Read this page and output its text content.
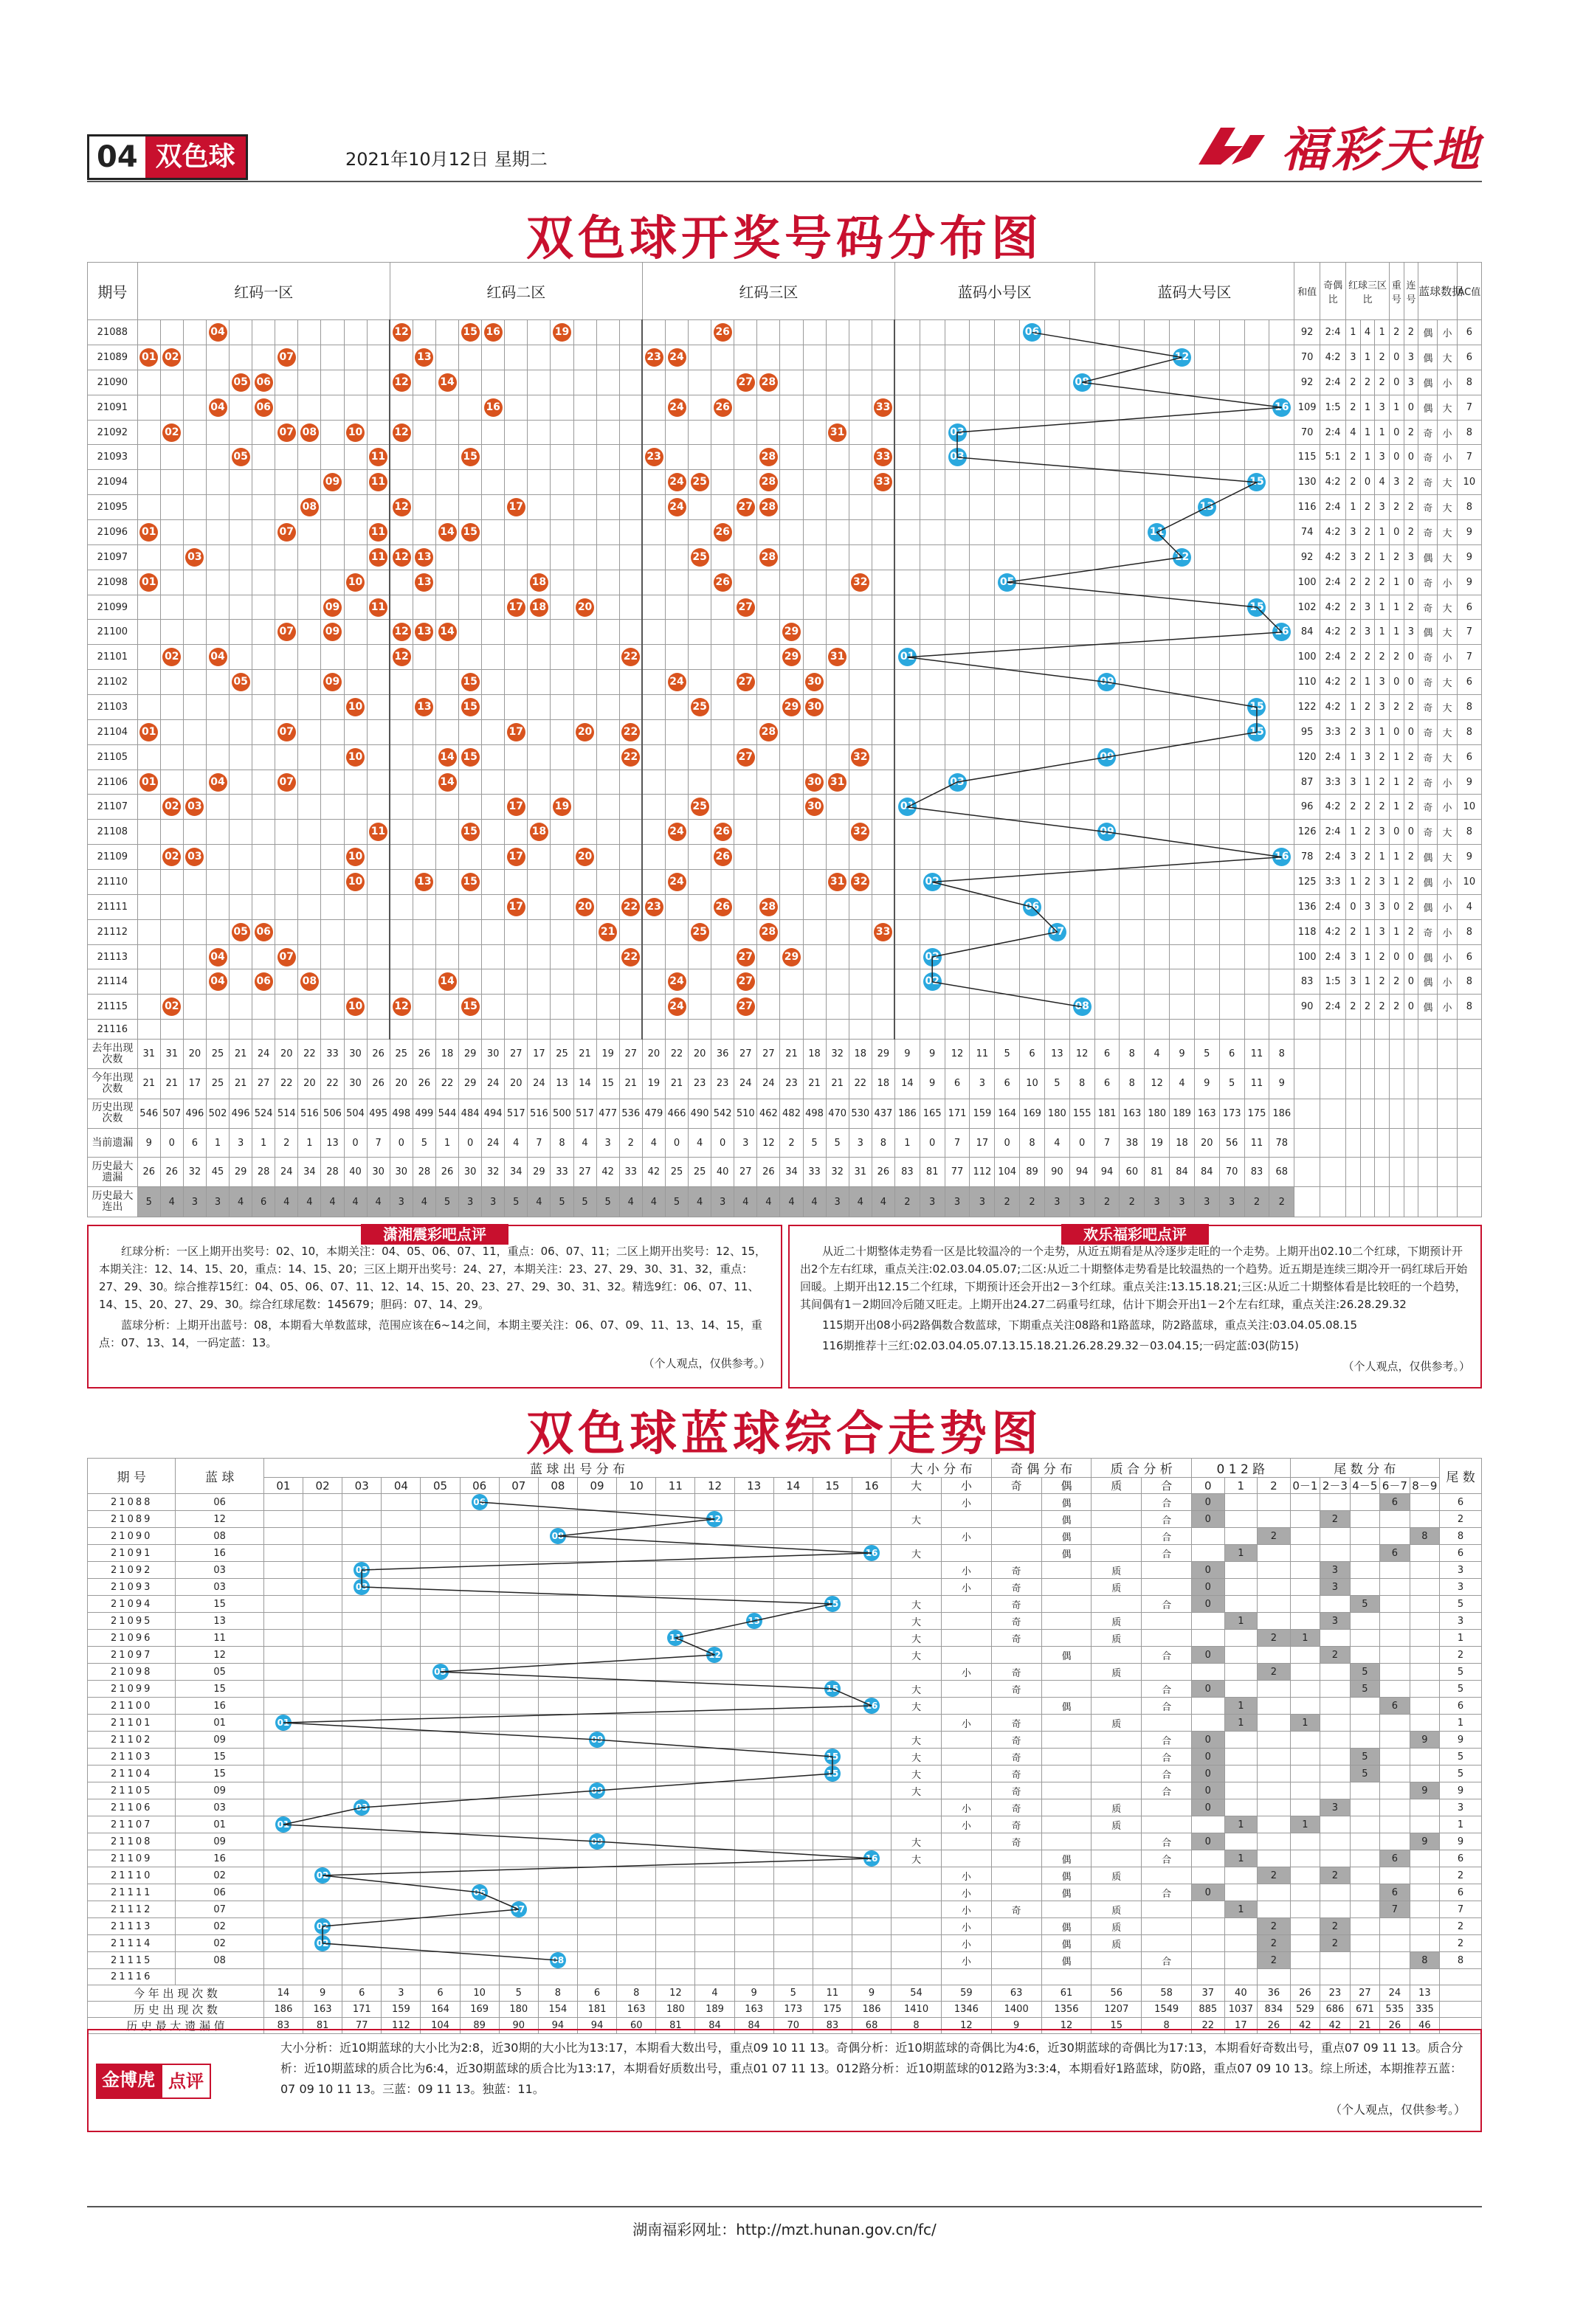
04 双色球	2021年10月12日 星期二	福彩天地
双色球开奖号码分布图
期号	红码一区											红码二区											红码三区											蓝码小号区								蓝码大号区								和值	奇偶比	红球三区比			重号	连号	蓝球数据		AC值
21088				04								12			15	16			19							26													06											92	2:4	1	4	1	2	2	偶	小	6
21089	01	02					07						13										23	24																					12					70	4:2	3	1	2	0	3	偶	大	6
21090					05	06						12		14													27	28													08									92	2:4	2	2	2	0	3	偶	小	8
21091				04		06										16								24		26							33																16	109	1:5	2	1	3	1	0	偶	大	7
21092		02					07	08		10		12																			31					03														70	2:4	4	1	1	0	2	奇	小	8
21093					05						11				15								23					28					33			03														115	5:1	2	1	3	0	0	奇	小	7
21094									09		11													24	25			28					33															15		130	4:2	2	0	4	3	2	奇	大	10
21095								08				12					17							24			27	28																		13				116	2:4	1	2	3	2	2	奇	大	8
21096	01						07				11			14	15											26																		11						74	4:2	3	2	1	0	2	奇	大	9
21097			03								11	12	13												25			28																	12					92	4:2	3	2	1	2	3	偶	大	9
21098	01									10			13					18								26						32						05												100	2:4	2	2	2	1	0	奇	小	9
21099									09		11						17	18		20							27																					15		102	4:2	2	3	1	1	2	奇	大	6
21100							07		09			12	13	14															29																				16	84	4:2	2	3	1	1	3	偶	大	7
21101		02		04								12										22							29		31			01																100	2:4	2	2	2	2	0	奇	小	7
21102					05				09						15									24			27			30												09								110	4:2	2	1	3	0	0	奇	大	6
21103										10			13		15										25				29	30																		15		122	4:2	1	2	3	2	2	奇	大	8
21104	01						07										17			20		22						28																				15		95	3:3	2	3	1	0	0	奇	大	8
21105										10				14	15							22					27					32										09								120	2:4	1	3	2	1	2	奇	大	6
21106	01			04			07							14																30	31					03														87	3:3	3	1	2	1	2	奇	小	9
21107		02	03														17		19						25					30				01																96	4:2	2	2	2	1	2	奇	小	10
21108											11				15			18						24		26						32										09								126	2:4	1	2	3	0	0	奇	大	8
21109		02	03							10							17			20						26																							16	78	2:4	3	2	1	1	2	偶	大	9
21110										10			13		15									24							31	32			02															125	3:3	1	2	3	1	2	偶	小	10
21111																	17			20		22	23			26		28											06											136	2:4	0	3	3	0	2	偶	小	4
21112					05	06															21				25			28					33							07										118	4:2	2	1	3	1	2	奇	小	8
21113				04			07															22					27		29						02															100	2:4	3	1	2	0	0	偶	小	6
21114				04		06		08						14										24			27								02															83	1:5	3	1	2	2	0	偶	小	8
21115		02								10		12			15									24			27														08									90	2:4	2	2	2	2	0	偶	小	8
21116																																																											
去年出现次数	31	31	20	25	21	24	20	22	33	30	26	25	26	18	29	30	27	17	25	21	19	27	20	22	20	36	27	27	21	18	32	18	29	9	9	12	11	5	6	13	12	6	8	4	9	5	6	11	8										
今年出现次数	21	21	17	25	21	27	22	20	22	30	26	20	26	22	29	24	20	24	13	14	15	21	19	21	23	23	24	24	23	21	21	22	18	14	9	6	3	6	10	5	8	6	8	12	4	9	5	11	9										
历史出现次数	546	507	496	502	496	524	514	516	506	504	495	498	499	544	484	494	517	516	500	517	477	536	479	466	490	542	510	462	482	498	470	530	437	186	165	171	159	164	169	180	155	181	163	180	189	163	173	175	186										
当前遗漏	9	0	6	1	3	1	2	1	13	0	7	0	5	1	0	24	4	7	8	4	3	2	4	0	4	0	3	12	2	5	5	3	8	1	0	7	17	0	8	4	0	7	38	19	18	20	56	11	78										
历史最大遗漏	26	26	32	45	29	28	24	34	28	40	30	30	28	26	30	32	34	29	33	27	42	33	42	25	25	40	27	26	34	33	32	31	26	83	81	77	112	104	89	90	94	94	60	81	84	84	70	83	68										
历史最大连出	5	4	3	3	4	6	4	4	4	4	4	3	4	5	3	3	5	4	5	5	5	4	4	5	4	3	4	4	4	4	3	4	4	2	3	3	3	2	2	3	3	2	2	3	3	3	3	2	2										
潇湘震彩吧点评

红球分析：一区上期开出奖号：02、10，本期关注：04、05、06、07、11，重点：06、07、11；二区上期开出奖号：12、15，本期关注：12、14、15、20，重点：14、15、20；三区上期开出奖号：24、27，本期关注：23、27、29、30、31、32，重点：27、29、30。综合推荐15红：04、05、06、07、11、12、14、15、20、23、27、29、30、31、32。精选9红：06、07、11、14、15、20、27、29、30。综合红球尾数：145679；胆码：07、14、29。

蓝球分析：上期开出蓝号：08，本期看大单数蓝球，范围应该在6~14之间，本期主要关注：06、07、09、11、13、14、15，重点：07、13、14，一码定蓝：13。

（个人观点，仅供参考。）
欢乐福彩吧点评

从近二十期整体走势看一区是比较温冷的一个走势，从近五期看是从冷逐步走旺的一个走势。上期开出02.10二个红球，下期预计开出2个左右红球，重点关注:02.03.04.05.07;二区:从近二十期整体走势看是比较温热的一个趋势。近五期是连续三期冷开一码红球后开始回暖。上期开出12.15二个红球，下期预计还会开出2－3个红球。重点关注:13.15.18.21;三区:从近二十期整体看是比较旺的一个趋势，其间偶有1－2期回冷后随又旺走。上期开出24.27二码重号红球，估计下期会开出1－2个左右红球，重点关注:26.28.29.32

115期开出08小码2路偶数合数蓝球，下期重点关注08路和1路蓝球，防2路蓝球，重点关注:03.04.05.08.15

116期推荐十三红:02.03.04.05.07.13.15.18.21.26.28.29.32－03.04.15;一码定蓝:03(防15)

（个人观点，仅供参考。）
双色球蓝球综合走势图
期 号	蓝 球	蓝 球 出 号 分 布																大 小 分 布		奇 偶 分 布		质 合 分 析		0 1 2 路			尾 数 分 布					尾 数
		01	02	03	04	05	06	07	08	09	10	11	12	13	14	15	16	大	小	奇	偶	质	合	0	1	2	0－1	2－3	4－5	6－7	8－9	
21088	06						06												小		偶		合	0						6		6
21089	12												12					大			偶		合	0				2				2
21090	08								08										小		偶		合			2					8	8
21091	16																16	大			偶		合		1					6		6
21092	03			03															小	奇		质		0				3				3
21093	03			03															小	奇		质		0				3				3
21094	15															15		大		奇			合	0					5			5
21095	13													13				大		奇		质			1			3				3
21096	11											11						大		奇		质				2	1					1
21097	12												12					大			偶		合	0				2				2
21098	05					05													小	奇		质				2			5			5
21099	15															15		大		奇			合	0					5			5
21100	16																16	大			偶		合		1					6		6
21101	01	01																	小	奇		质			1		1					1
21102	09									09								大		奇			合	0							9	9
21103	15															15		大		奇			合	0					5			5
21104	15															15		大		奇			合	0					5			5
21105	09									09								大		奇			合	0							9	9
21106	03			03															小	奇		质		0				3				3
21107	01	01																	小	奇		质			1		1					1
21108	09									09								大		奇			合	0							9	9
21109	16																16	大			偶		合		1					6		6
21110	02		02																小		偶	质				2		2				2
21111	06						06												小		偶		合	0						6		6
21112	07							07											小	奇		质			1					7		7
21113	02		02																小		偶	质				2		2				2
21114	02		02																小		偶	质				2		2				2
21115	08								08										小		偶		合			2					8	8
21116																																
今 年 出 现 次 数		14	9	6	3	6	10	5	8	6	8	12	4	9	5	11	9	54	59	63	61	56	58	37	40	36	26	23	27	24	13	
历 史 出 现 次 数		186	163	171	159	164	169	180	154	181	163	180	189	163	173	175	186	1410	1346	1400	1356	1207	1549	885	1037	834	529	686	671	535	335	
历 史 最 大 遗 漏 值		83	81	77	112	104	89	90	94	94	60	81	84	84	70	83	68	8	12	9	12	15	8	22	17	26	42	42	21	26	46	
金博虎 点评
大小分析：近10期蓝球的大小比为2:8，近30期的大小比为13:17，本期看大数出号，重点09 10 11 13。奇偶分析：近10期蓝球的奇偶比为4:6，近30期蓝球的奇偶比为17:13，本期看好奇数出号，重点07 09 11 13。质合分析：近10期蓝球的质合比为6:4，近30期蓝球的质合比为13:17，本期看好质数出号，重点01 07 11 13。012路分析：近10期蓝球的012路为3:3:4，本期看好1路蓝球，防0路，重点07 09 10 13。综上所述，本期推荐五蓝：07 09 10 11 13。三蓝：09 11 13。独蓝：11。
（个人观点，仅供参考。）
湖南福彩网址：http://mzt.hunan.gov.cn/fc/
